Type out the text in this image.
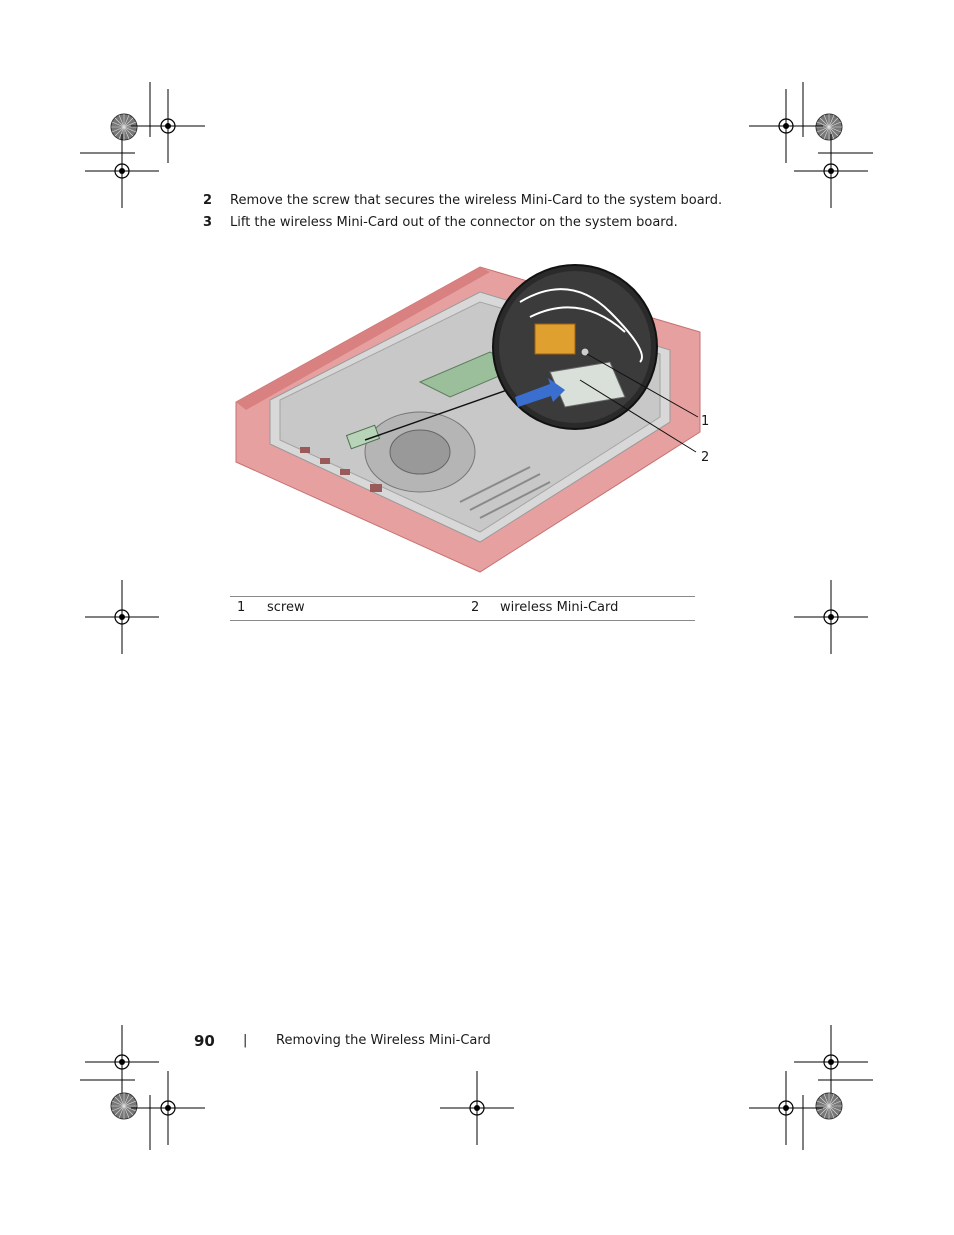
2 Remove the screw that secures the wireless Mini-Card to the system board.
3 Lift the wireless Mini-Card out of the connector on the system board.
1
2
1 screw	2 wireless Mini-Card
90 | Removing the Wireless Mini-Card
